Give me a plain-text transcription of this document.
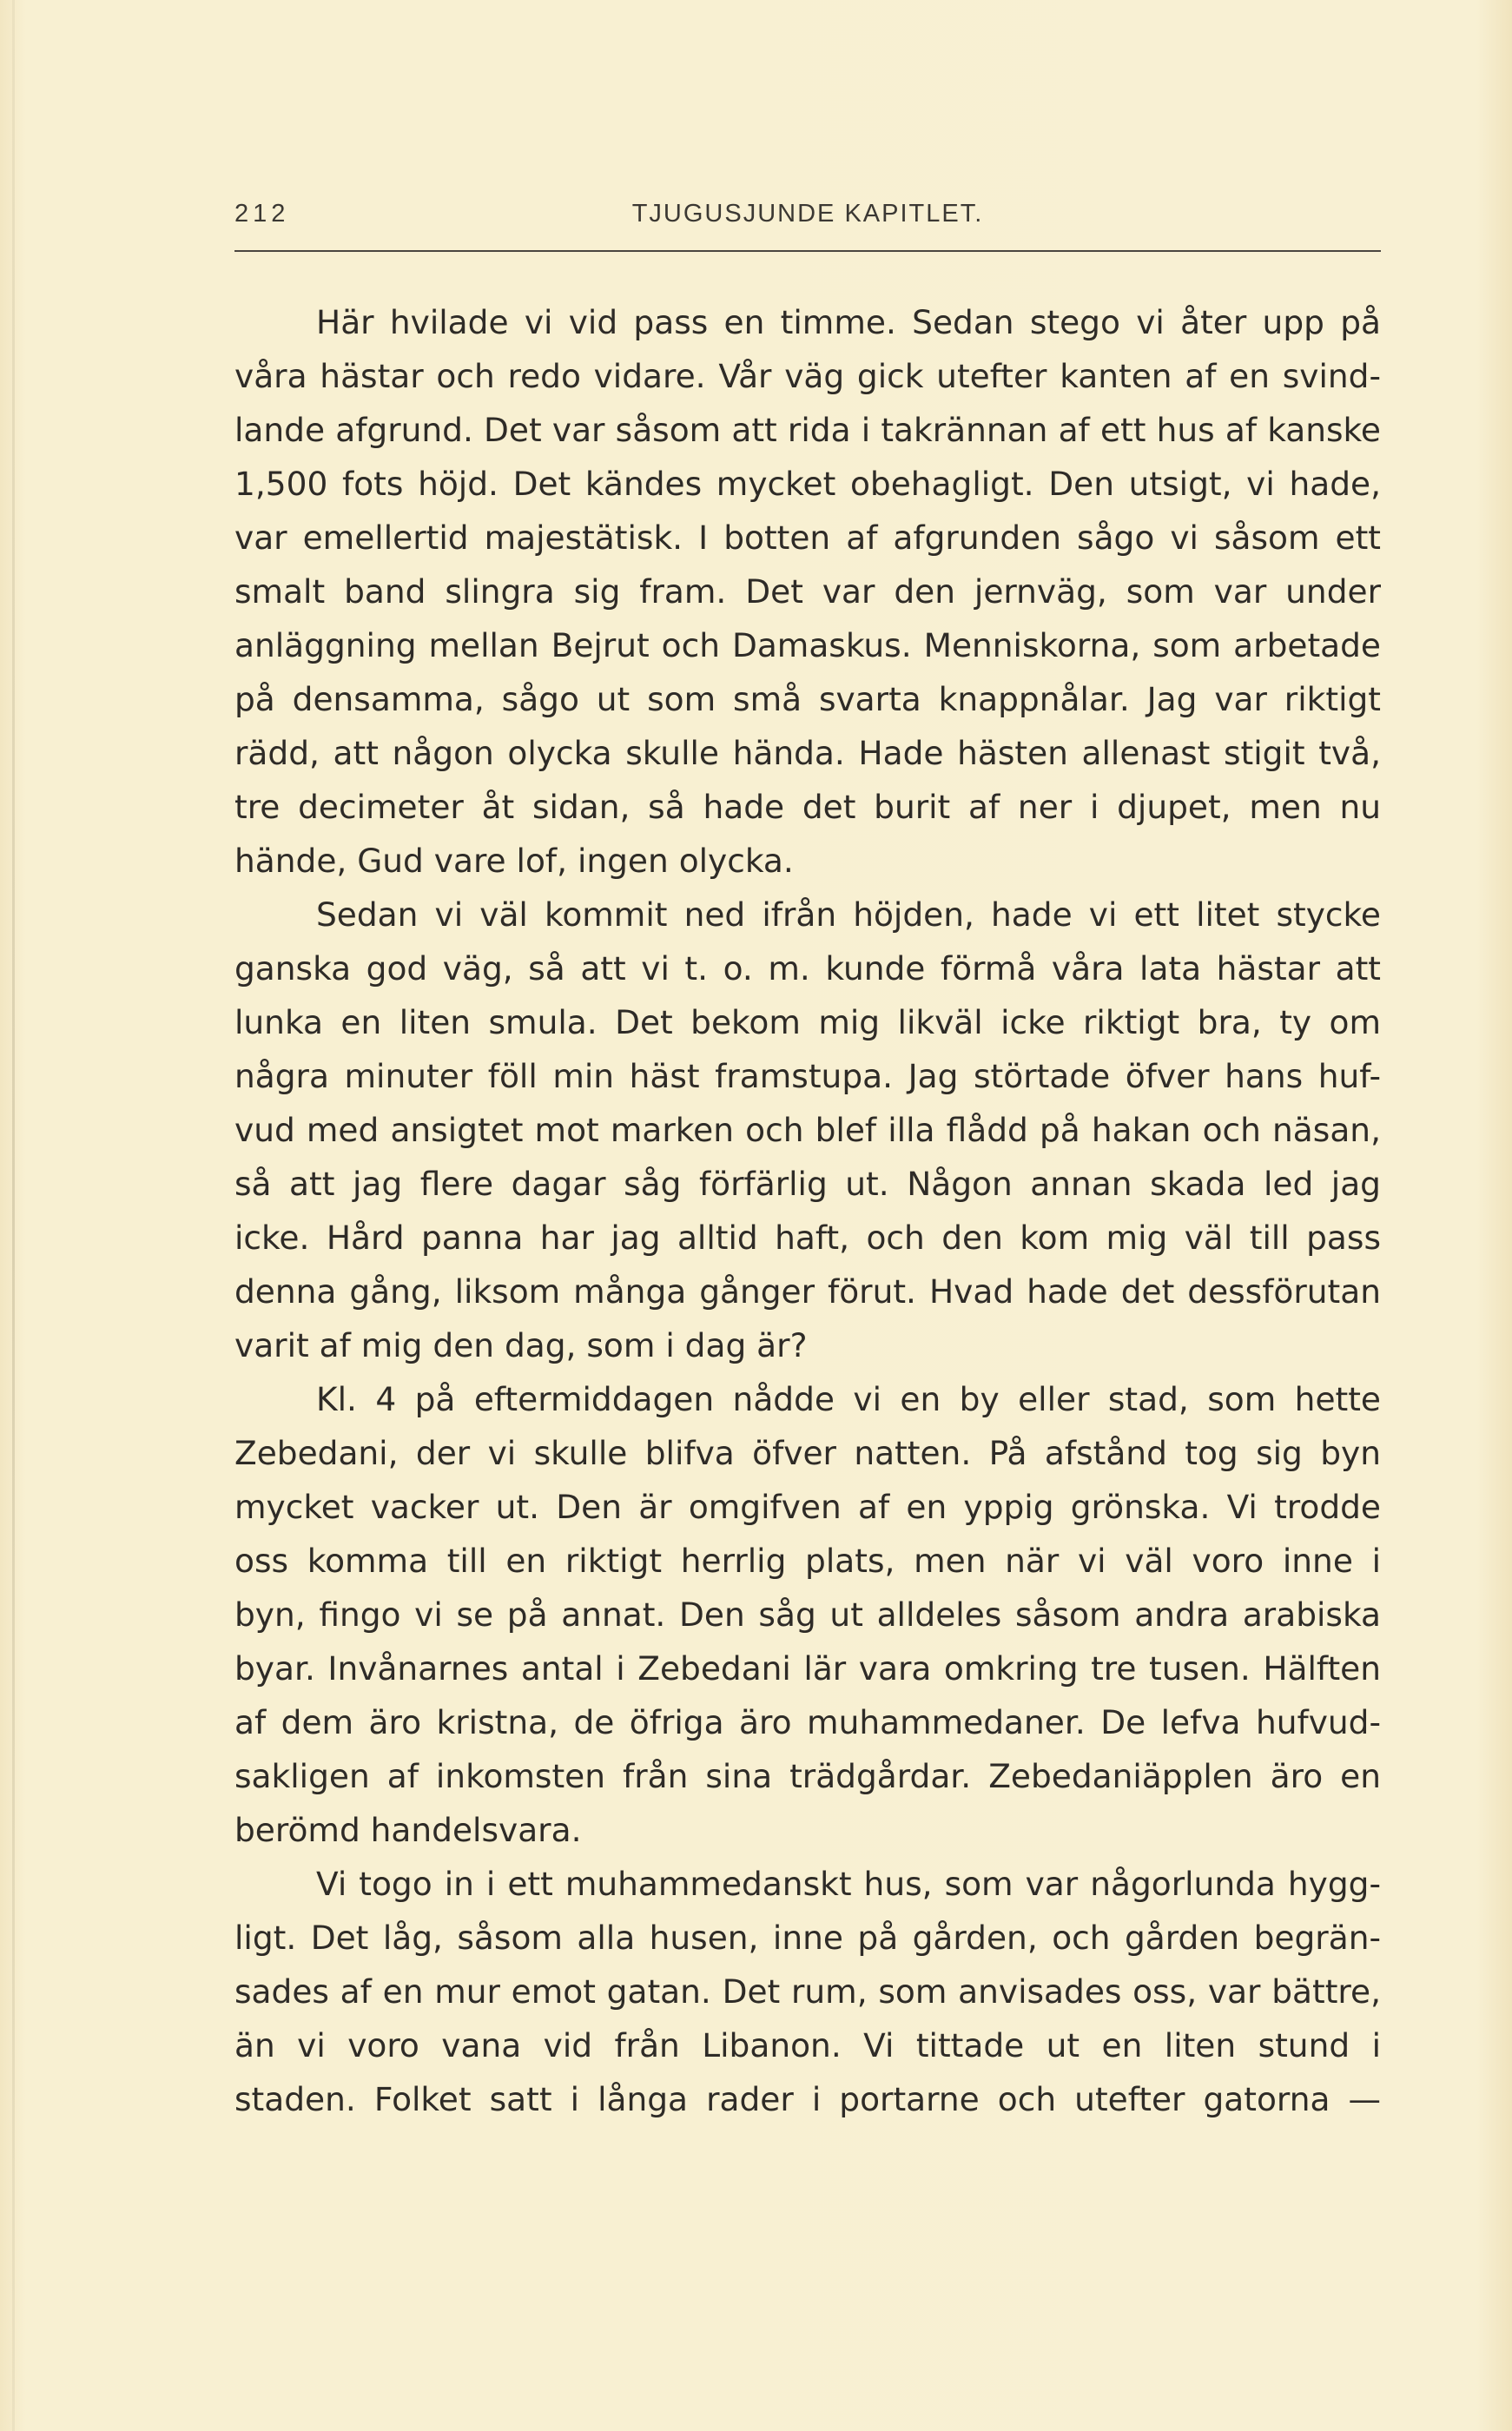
212	TJUGUSJUNDE KAPITLET.
Här hvilade vi vid pass en timme. Sedan stego vi åter upp på
våra hästar och redo vidare. Vår väg gick utefter kanten af en svind-
lande afgrund. Det var såsom att rida i takrännan af ett hus af kanske
1,500 fots höjd. Det kändes mycket obehagligt. Den utsigt, vi hade,
var emellertid majestätisk. I botten af afgrunden sågo vi såsom ett
smalt band slingra sig fram. Det var den jernväg, som var under
anläggning mellan Bejrut och Damaskus. Menniskorna, som arbetade
på densamma, sågo ut som små svarta knappnålar. Jag var riktigt
rädd, att någon olycka skulle hända. Hade hästen allenast stigit två,
tre decimeter åt sidan, så hade det burit af ner i djupet, men nu
hände, Gud vare lof, ingen olycka.
Sedan vi väl kommit ned ifrån höjden, hade vi ett litet stycke
ganska god väg, så att vi t. o. m. kunde förmå våra lata hästar att
lunka en liten smula. Det bekom mig likväl icke riktigt bra, ty om
några minuter föll min häst framstupa. Jag störtade öfver hans huf-
vud med ansigtet mot marken och blef illa flådd på hakan och näsan,
så att jag flere dagar såg förfärlig ut. Någon annan skada led jag
icke. Hård panna har jag alltid haft, och den kom mig väl till pass
denna gång, liksom många gånger förut. Hvad hade det dessförutan
varit af mig den dag, som i dag är?
Kl. 4 på eftermiddagen nådde vi en by eller stad, som hette
Zebedani, der vi skulle blifva öfver natten. På afstånd tog sig byn
mycket vacker ut. Den är omgifven af en yppig grönska. Vi trodde
oss komma till en riktigt herrlig plats, men när vi väl voro inne i
byn, fingo vi se på annat. Den såg ut alldeles såsom andra arabiska
byar. Invånarnes antal i Zebedani lär vara omkring tre tusen. Hälften
af dem äro kristna, de öfriga äro muhammedaner. De lefva hufvud-
sakligen af inkomsten från sina trädgårdar. Zebedaniäpplen äro en
berömd handelsvara.
Vi togo in i ett muhammedanskt hus, som var någorlunda hygg-
ligt. Det låg, såsom alla husen, inne på gården, och gården begrän-
sades af en mur emot gatan. Det rum, som anvisades oss, var bättre,
än vi voro vana vid från Libanon. Vi tittade ut en liten stund i
staden. Folket satt i långa rader i portarne och utefter gatorna —
